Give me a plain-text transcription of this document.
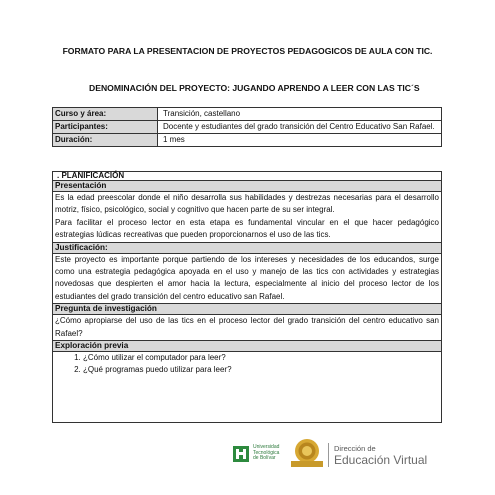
FORMATO PARA LA PRESENTACION DE PROYECTOS PEDAGOGICOS DE AULA CON TIC.
DENOMINACIÓN DEL PROYECTO: JUGANDO APRENDO A LEER CON LAS TIC´S
Curso y área:	Transición, castellano
Participantes:	Docente y estudiantes del grado transición del Centro Educativo San Rafael.
Duración:	1 mes
. PLANIFICACIÓN
Presentación

Es la edad preescolar donde el niño desarrolla sus habilidades y destrezas necesarias para el desarrollo motriz, físico, psicológico, social y cognitivo que hacen parte de su ser integral.

Para facilitar el proceso lector en esta etapa es fundamental vincular en el que hacer pedagógico estrategias lúdicas recreativas que pueden proporcionarnos el uso de las tics.

Justificación:

Este proyecto es importante porque partiendo de los intereses y necesidades de los educandos, surge como una estrategia pedagógica apoyada en el uso y manejo de las tics con actividades y estrategias novedosas que despierten el amor hacia la lectura, especialmente al inicio del proceso lector de los estudiantes del grado transición del centro educativo san Rafael.

Pregunta de investigación

¿Cómo apropiarse del uso de las tics en el proceso lector del grado transición del centro educativo san Rafael?

Exploración previa
1. ¿Cómo utilizar el computador para leer?
2. ¿Qué programas puedo utilizar para leer?
Universidad
Tecnológica
de Bolívar
Dirección de
Educación Virtual
